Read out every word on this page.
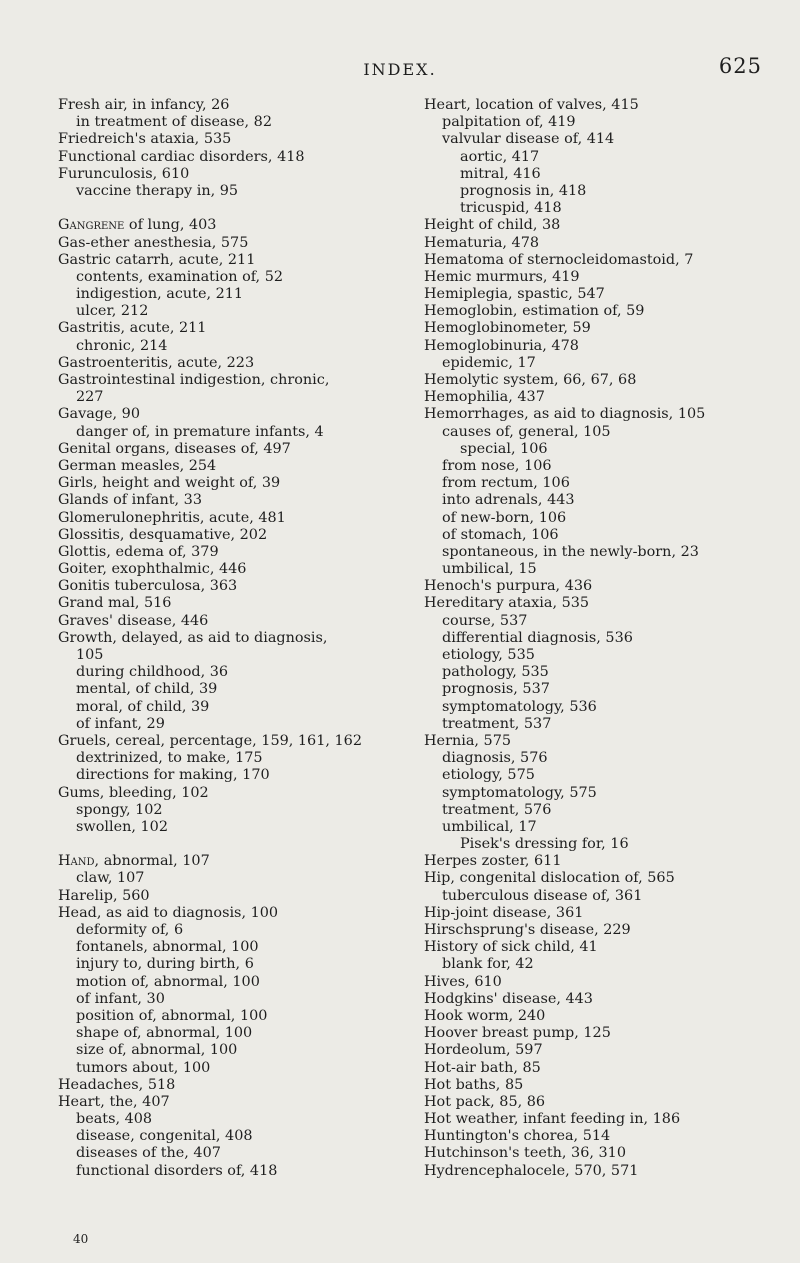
INDEX.	625
Fresh air, in infancy, 26
in treatment of disease, 82
Friedreich's ataxia, 535
Functional cardiac disorders, 418
Furunculosis, 610
vaccine therapy in, 95
Gangrene of lung, 403
Gas-ether anesthesia, 575
Gastric catarrh, acute, 211
contents, examination of, 52
indigestion, acute, 211
ulcer, 212
Gastritis, acute, 211
chronic, 214
Gastroenteritis, acute, 223
Gastrointestinal indigestion, chronic,
227
Gavage, 90
danger of, in premature infants, 4
Genital organs, diseases of, 497
German measles, 254
Girls, height and weight of, 39
Glands of infant, 33
Glomerulonephritis, acute, 481
Glossitis, desquamative, 202
Glottis, edema of, 379
Goiter, exophthalmic, 446
Gonitis tuberculosa, 363
Grand mal, 516
Graves' disease, 446
Growth, delayed, as aid to diagnosis,
105
during childhood, 36
mental, of child, 39
moral, of child, 39
of infant, 29
Gruels, cereal, percentage, 159, 161, 162
dextrinized, to make, 175
directions for making, 170
Gums, bleeding, 102
spongy, 102
swollen, 102
Hand, abnormal, 107
claw, 107
Harelip, 560
Head, as aid to diagnosis, 100
deformity of, 6
fontanels, abnormal, 100
injury to, during birth, 6
motion of, abnormal, 100
of infant, 30
position of, abnormal, 100
shape of, abnormal, 100
size of, abnormal, 100
tumors about, 100
Headaches, 518
Heart, the, 407
beats, 408
disease, congenital, 408
diseases of the, 407
functional disorders of, 418
Heart, location of valves, 415
palpitation of, 419
valvular disease of, 414
aortic, 417
mitral, 416
prognosis in, 418
tricuspid, 418
Height of child, 38
Hematuria, 478
Hematoma of sternocleidomastoid, 7
Hemic murmurs, 419
Hemiplegia, spastic, 547
Hemoglobin, estimation of, 59
Hemoglobinometer, 59
Hemoglobinuria, 478
epidemic, 17
Hemolytic system, 66, 67, 68
Hemophilia, 437
Hemorrhages, as aid to diagnosis, 105
causes of, general, 105
special, 106
from nose, 106
from rectum, 106
into adrenals, 443
of new-born, 106
of stomach, 106
spontaneous, in the newly-born, 23
umbilical, 15
Henoch's purpura, 436
Hereditary ataxia, 535
course, 537
differential diagnosis, 536
etiology, 535
pathology, 535
prognosis, 537
symptomatology, 536
treatment, 537
Hernia, 575
diagnosis, 576
etiology, 575
symptomatology, 575
treatment, 576
umbilical, 17
Pisek's dressing for, 16
Herpes zoster, 611
Hip, congenital dislocation of, 565
tuberculous disease of, 361
Hip-joint disease, 361
Hirschsprung's disease, 229
History of sick child, 41
blank for, 42
Hives, 610
Hodgkins' disease, 443
Hook worm, 240
Hoover breast pump, 125
Hordeolum, 597
Hot-air bath, 85
Hot baths, 85
Hot pack, 85, 86
Hot weather, infant feeding in, 186
Huntington's chorea, 514
Hutchinson's teeth, 36, 310
Hydrencephalocele, 570, 571
40
